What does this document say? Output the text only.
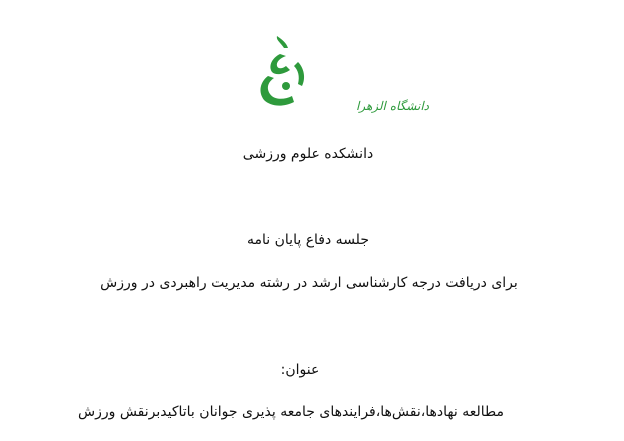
دانشگاه الزهرا
دانشکده علوم ورزشی
جلسه دفاع پایان نامه
برای دریافت درجه کارشناسی ارشد در رشته مدیریت راهبردی در ورزش
عنوان:
مطالعه نهادها،نقش‌ها،فرایندهای جامعه پذیری جوانان باتاکیدبرنقش ورزش
